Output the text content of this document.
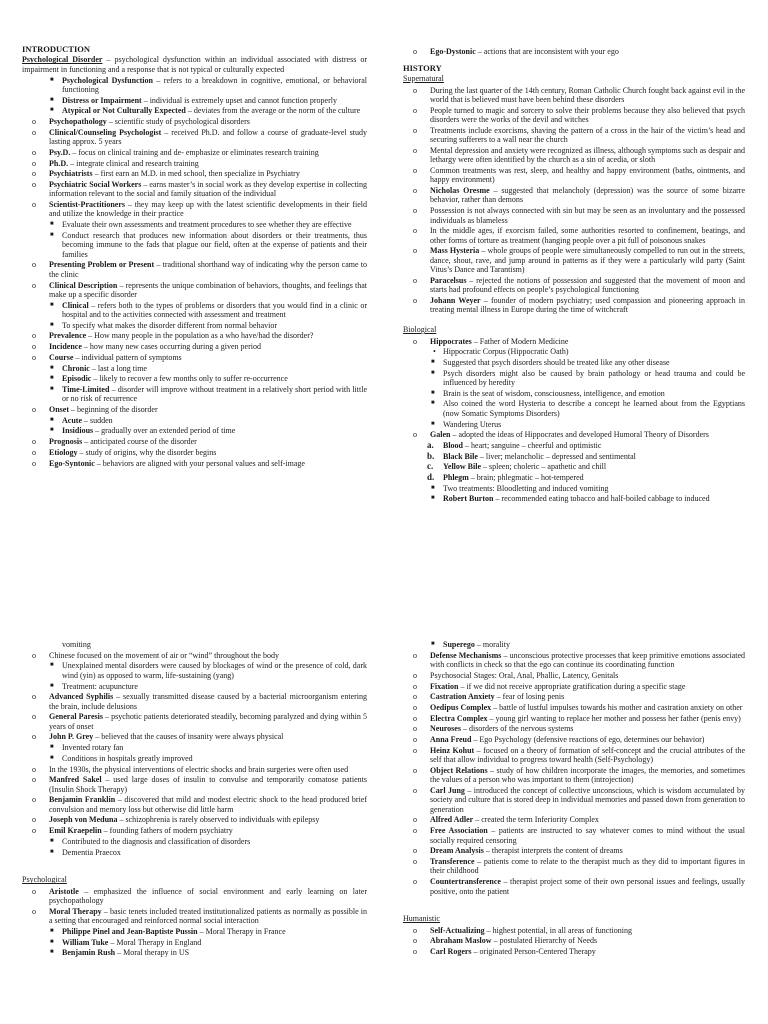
INTRODUCTION
Psychological Disorder – psychological dysfunction within an individual associated with distress or impairment in functioning and a response that is not typical or culturally expected
■ Psychological Dysfunction – refers to a breakdown in cognitive, emotional, or behavioral functioning
■ Distress or Impairment – individual is extremely upset and cannot function properly
■ Atypical or Not Culturally Expected – deviates from the average or the norm of the culture
o Psychopathology – scientific study of psychological disorders
o Clinical/Counseling Psychologist – received Ph.D. and follow a course of graduate-level study lasting approx. 5 years
o Psy.D. – focus on clinical training and de- emphasize or eliminates research training
o Ph.D. – integrate clinical and research training
o Psychiatrists – first earn an M.D. in med school, then specialize in Psychiatry
o Psychiatric Social Workers – earns master’s in social work as they develop expertise in collecting information relevant to the social and family situation of the individual
o Scientist-Practitioners – they may keep up with the latest scientific developments in their field and utilize the knowledge in their practice
■ Evaluate their own assessments and treatment procedures to see whether they are effective
■ Conduct research that produces new information about disorders or their treatments, thus becoming immune to the fads that plague our field, often at the expense of patients and their families
o Presenting Problem or Present – traditional shorthand way of indicating why the person came to the clinic
o Clinical Description – represents the unique combination of behaviors, thoughts, and feelings that make up a specific disorder
■ Clinical – refers both to the types of problems or disorders that you would find in a clinic or hospital and to the activities connected with assessment and treatment
■ To specify what makes the disorder different from normal behavior
o Prevalence – How many people in the population as a who have/had the disorder?
o Incidence – how many new cases occurring during a given period
o Course – individual pattern of symptoms
■ Chronic – last a long time
■ Episodic – likely to recover a few months only to suffer re-occurrence
■ Time-Limited – disorder will improve without treatment in a relatively short period with little or no risk of recurrence
o Onset – beginning of the disorder
■ Acute – sudden
■ Insidious – gradually over an extended period of time
o Prognosis – anticipated course of the disorder
o Etiology – study of origins, why the disorder begins
o Ego-Syntonic – behaviors are aligned with your personal values and self-image
o Ego-Dystonic – actions that are inconsistent with your ego
HISTORY
Supernatural
o During the last quarter of the 14th century, Roman Catholic Church fought back against evil in the world that is believed must have been behind these disorders
o People turned to magic and sorcery to solve their problems because they also believed that psych disorders were the works of the devil and witches
o Treatments include exorcisms, shaving the pattern of a cross in the hair of the victim’s head and securing sufferers to a wall near the church
o Mental depression and anxiety were recognized as illness, although symptoms such as despair and lethargy were often identified by the church as a sin of acedia, or sloth
o Common treatments was rest, sleep, and healthy and happy environment (baths, ointments, and happy environment)
o Nicholas Oresme – suggested that melancholy (depression) was the source of some bizarre behavior, rather than demons
o Possession is not always connected with sin but may be seen as an involuntary and the possessed individuals as blameless
o In the middle ages, if exorcism failed, some authorities resorted to confinement, beatings, and other forms of torture as treatment (hanging people over a pit full of poisonous snakes
o Mass Hysteria – whole groups of people were simultaneously compelled to run out in the streets, dance, shout, rave, and jump around in patterns as if they were a particularly wild party (Saint Vitus’s Dance and Tarantism)
o Paracelsus – rejected the notions of possession and suggested that the movement of moon and starts had profound effects on people’s psychological functioning
o Johann Weyer – founder of modern psychiatry; used compassion and pioneering approach in treating mental illness in Europe during the time of witchcraft
Biological
o Hippocrates – Father of Modern Medicine
• Hippocratic Corpus (Hippocratic Oath)
■ Suggested that psych disorders should be treated like any other disease
■ Psych disorders might also be caused by brain pathology or head trauma and could be influenced by heredity
■ Brain is the seat of wisdom, consciousness, intelligence, and emotion
■ Also coined the word Hysteria to describe a concept he learned about from the Egyptians (now Somatic Symptoms Disorders)
■ Wandering Uterus
o Galen – adopted the ideas of Hippocrates and developed Humoral Theory of Disorders
a. Blood – heart; sanguine – cheerful and optimistic
b. Black Bile – liver; melancholic – depressed and sentimental
c. Yellow Bile – spleen; choleric – apathetic and chill
d. Phlegm – brain; phlegmatic – hot-tempered
■ Two treatments: Bloodletting and induced vomiting
■ Robert Burton – recommended eating tobacco and half-boiled cabbage to induced
vomiting
o Chinese focused on the movement of air or “wind” throughout the body
■ Unexplained mental disorders were caused by blockages of wind or the presence of cold, dark wind (yin) as opposed to warm, life-sustaining (yang)
■ Treatment: acupuncture
o Advanced Syphilis – sexually transmitted disease caused by a bacterial microorganism entering the brain, include delusions
o General Paresis – psychotic patients deteriorated steadily, becoming paralyzed and dying within 5 years of onset
o John P. Grey – believed that the causes of insanity were always physical
■ Invented rotary fan
■ Conditions in hospitals greatly improved
o In the 1930s, the physical interventions of electric shocks and brain surgeries were often used
o Manfred Sakel – used large doses of insulin to convulse and temporarily comatose patients (Insulin Shock Therapy)
o Benjamin Franklin – discovered that mild and modest electric shock to the head produced brief convulsion and memory loss but otherwise did little harm
o Joseph von Meduna – schizophrenia is rarely observed to individuals with epilepsy
o Emil Kraepelin – founding fathers of modern psychiatry
■ Contributed to the diagnosis and classification of disorders
■ Dementia Praecox
Psychological
o Aristotle – emphasized the influence of social environment and early learning on later psychopathology
o Moral Therapy – basic tenets included treated institutionalized patients as normally as possible in a setting that encouraged and reinforced normal social interaction
■ Philippe Pinel and Jean-Baptiste Pussin – Moral Therapy in France
■ William Tuke – Moral Therapy in England
■ Benjamin Rush – Moral therapy in US
■ Superego – morality
o Defense Mechanisms – unconscious protective processes that keep primitive emotions associated with conflicts in check so that the ego can continue its coordinating function
o Psychosocial Stages: Oral, Anal, Phallic, Latency, Genitals
o Fixation – if we did not receive appropriate gratification during a specific stage
o Castration Anxiety – fear of losing penis
o Oedipus Complex – battle of lustful impulses towards his mother and castration anxiety on other
o Electra Complex – young girl wanting to replace her mother and possess her father (penis envy)
o Neuroses – disorders of the nervous systems
o Anna Freud – Ego Psychology (defensive reactions of ego, determines our behavior)
o Heinz Kohut – focused on a theory of formation of self-concept and the crucial attributes of the self that allow individual to progress toward health (Self-Psychology)
o Object Relations – study of how children incorporate the images, the memories, and sometimes the values of a person who was important to them (introjection)
o Carl Jung – introduced the concept of collective unconscious, which is wisdom accumulated by society and culture that is stored deep in individual memories and passed down from generation to generation
o Alfred Adler – created the term Inferiority Complex
o Free Association – patients are instructed to say whatever comes to mind without the usual socially required censoring
o Dream Analysis – therapist interprets the content of dreams
o Transference – patients come to relate to the therapist much as they did to important figures in their childhood
o Countertransference – therapist project some of their own personal issues and feelings, usually positive, onto the patient
Humanistic
o Self-Actualizing – highest potential, in all areas of functioning
o Abraham Maslow – postulated Hierarchy of Needs
o Carl Rogers – originated Person-Centered Therapy
